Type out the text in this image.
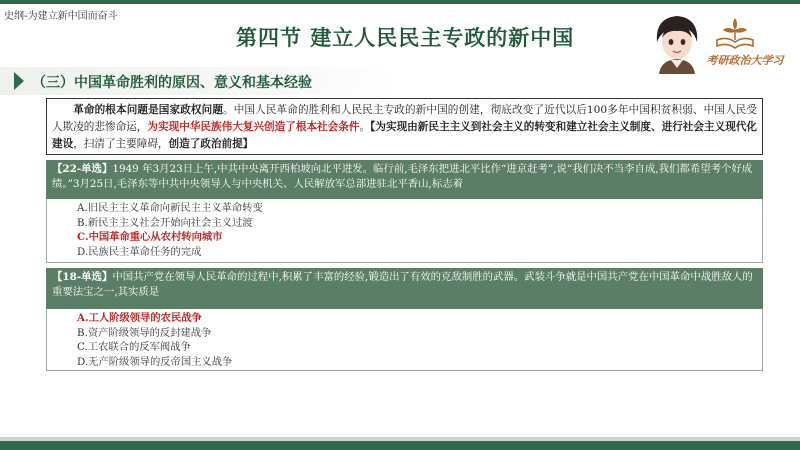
史纲-为建立新中国而奋斗
第四节 建立人民民主专政的新中国
考研政治大学习
（三）中国革命胜利的原因、意义和基本经验
革命的根本问题是国家政权问题。中国人民革命的胜利和人民民主专政的新中国的创建，彻底改变了近代以后100多年中国积贫积弱、中国人民受人欺凌的悲惨命运，为实现中华民族伟大复兴创造了根本社会条件。【为实现由新民主主义到社会主义的转变和建立社会主义制度、进行社会主义现代化建设，扫清了主要障碍，创造了政治前提】
【22-单选】1949 年3月23日上午,中共中央离开西柏坡向北平进发。临行前,毛泽东把进北平比作“进京赶考”,说“我们决不当李自成,我们都希望考个好成绩。”3月25日,毛泽东等中共中央领导人与中央机关、人民解放军总部进驻北平香山,标志着
A.旧民主主义革命向新民主主义革命转变
B.新民主主义社会开始向社会主义过渡
C.中国革命重心从农村转向城市
D.民族民主革命任务的完成
【18-单选】中国共产党在领导人民革命的过程中,积累了丰富的经验,锻造出了有效的克敌制胜的武器。武装斗争就是中国共产党在中国革命中战胜敌人的重要法宝之一,其实质是
A.工人阶级领导的农民战争
B.资产阶级领导的反封建战争
C.工农联合的反军阀战争
D.无产阶级领导的反帝国主义战争
